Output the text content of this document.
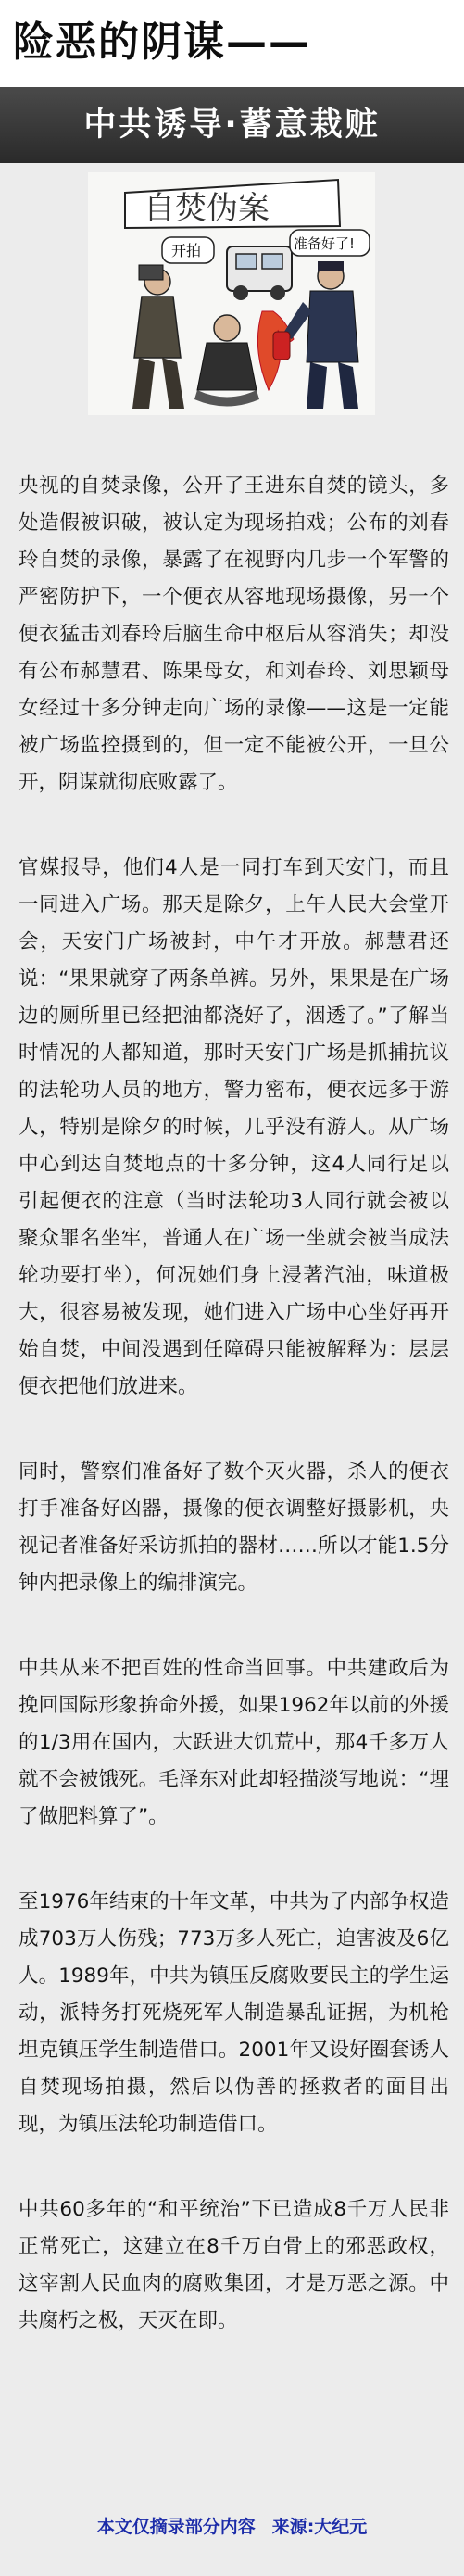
险恶的阴谋——
中共诱导·蓄意栽赃
自焚伪案
开拍	准备好了!

央视的自焚录像，公开了王进东自焚的镜头，多处造假被识破，被认定为现场拍戏；公布的刘春玲自焚的录像，暴露了在视野内几步一个军警的严密防护下，一个便衣从容地现场摄像，另一个便衣猛击刘春玲后脑生命中枢后从容消失；却没有公布郝慧君、陈果母女，和刘春玲、刘思颖母女经过十多分钟走向广场的录像——这是一定能被广场监控摄到的，但一定不能被公开，一旦公开，阴谋就彻底败露了。

官媒报导，他们4人是一同打车到天安门，而且一同进入广场。那天是除夕，上午人民大会堂开会，天安门广场被封，中午才开放。郝慧君还说：“果果就穿了两条单裤。另外，果果是在广场边的厕所里已经把油都浇好了，洇透了。”了解当时情况的人都知道，那时天安门广场是抓捕抗议的法轮功人员的地方，警力密布，便衣远多于游人，特别是除夕的时候，几乎没有游人。从广场中心到达自焚地点的十多分钟，这4人同行足以引起便衣的注意（当时法轮功3人同行就会被以聚众罪名坐牢，普通人在广场一坐就会被当成法轮功要打坐），何况她们身上浸著汽油，味道极大，很容易被发现，她们进入广场中心坐好再开始自焚，中间没遇到任障碍只能被解释为：层层便衣把他们放进来。

同时，警察们准备好了数个灭火器，杀人的便衣打手准备好凶器，摄像的便衣调整好摄影机，央视记者准备好采访抓拍的器材……所以才能1.5分钟内把录像上的编排演完。

中共从来不把百姓的性命当回事。中共建政后为挽回国际形象拚命外援，如果1962年以前的外援的1/3用在国内，大跃进大饥荒中，那4千多万人就不会被饿死。毛泽东对此却轻描淡写地说：“埋了做肥料算了”。

至1976年结束的十年文革，中共为了内部争权造成703万人伤残；773万多人死亡，迫害波及6亿人。1989年，中共为镇压反腐败要民主的学生运动，派特务打死烧死军人制造暴乱证据，为机枪坦克镇压学生制造借口。2001年又设好圈套诱人自焚现场拍摄，然后以伪善的拯救者的面目出现，为镇压法轮功制造借口。

中共60多年的“和平统治”下已造成8千万人民非正常死亡，这建立在8千万白骨上的邪恶政权，这宰割人民血肉的腐败集团，才是万恶之源。中共腐朽之极，天灭在即。

本文仅摘录部分内容 来源:大纪元
